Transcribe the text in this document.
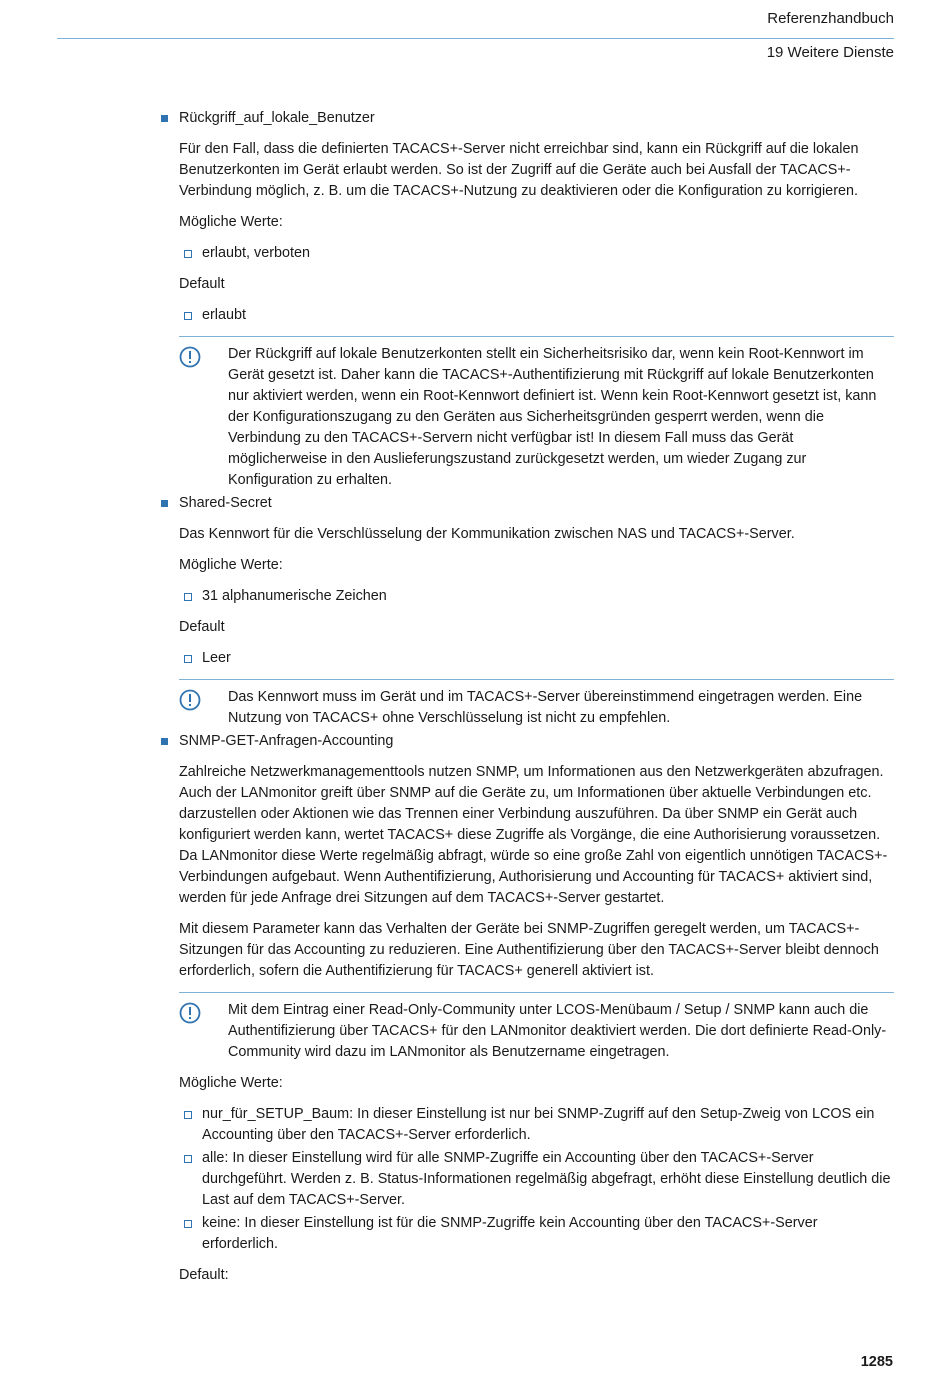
Referenzhandbuch
19 Weitere Dienste
Rückgriff_auf_lokale_Benutzer
Für den Fall, dass die definierten TACACS+-Server nicht erreichbar sind, kann ein Rückgriff auf die lokalen Benutzerkonten im Gerät erlaubt werden. So ist der Zugriff auf die Geräte auch bei Ausfall der TACACS+-Verbindung möglich, z. B. um die TACACS+-Nutzung zu deaktivieren oder die Konfiguration zu korrigieren.
Mögliche Werte:
erlaubt, verboten
Default
erlaubt
Der Rückgriff auf lokale Benutzerkonten stellt ein Sicherheitsrisiko dar, wenn kein Root-Kennwort im Gerät gesetzt ist. Daher kann die TACACS+-Authentifizierung mit Rückgriff auf lokale Benutzerkonten nur aktiviert werden, wenn ein Root-Kennwort definiert ist. Wenn kein Root-Kennwort gesetzt ist, kann der Konfigurationszugang zu den Geräten aus Sicherheitsgründen gesperrt werden, wenn die Verbindung zu den TACACS+-Servern nicht verfügbar ist! In diesem Fall muss das Gerät möglicherweise in den Auslieferungszustand zurückgesetzt werden, um wieder Zugang zur Konfiguration zu erhalten.
Shared-Secret
Das Kennwort für die Verschlüsselung der Kommunikation zwischen NAS und TACACS+-Server.
Mögliche Werte:
31 alphanumerische Zeichen
Default
Leer
Das Kennwort muss im Gerät und im TACACS+-Server übereinstimmend eingetragen werden. Eine Nutzung von TACACS+ ohne Verschlüsselung ist nicht zu empfehlen.
SNMP-GET-Anfragen-Accounting
Zahlreiche Netzwerkmanagementtools nutzen SNMP, um Informationen aus den Netzwerkgeräten abzufragen. Auch der LANmonitor greift über SNMP auf die Geräte zu, um Informationen über aktuelle Verbindungen etc. darzustellen oder Aktionen wie das Trennen einer Verbindung auszuführen. Da über SNMP ein Gerät auch konfiguriert werden kann, wertet TACACS+ diese Zugriffe als Vorgänge, die eine Authorisierung voraussetzen. Da LANmonitor diese Werte regelmäßig abfragt, würde so eine große Zahl von eigentlich unnötigen TACACS+-Verbindungen aufgebaut. Wenn Authentifizierung, Authorisierung und Accounting für TACACS+ aktiviert sind, werden für jede Anfrage drei Sitzungen auf dem TACACS+-Server gestartet.
Mit diesem Parameter kann das Verhalten der Geräte bei SNMP-Zugriffen geregelt werden, um TACACS+-Sitzungen für das Accounting zu reduzieren. Eine Authentifizierung über den TACACS+-Server bleibt dennoch erforderlich, sofern die Authentifizierung für TACACS+ generell aktiviert ist.
Mit dem Eintrag einer Read-Only-Community unter LCOS-Menübaum / Setup / SNMP kann auch die Authentifizierung über TACACS+ für den LANmonitor deaktiviert werden. Die dort definierte Read-Only-Community wird dazu im LANmonitor als Benutzername eingetragen.
Mögliche Werte:
nur_für_SETUP_Baum: In dieser Einstellung ist nur bei SNMP-Zugriff auf den Setup-Zweig von LCOS ein Accounting über den TACACS+-Server erforderlich.
alle: In dieser Einstellung wird für alle SNMP-Zugriffe ein Accounting über den TACACS+-Server durchgeführt. Werden z. B. Status-Informationen regelmäßig abgefragt, erhöht diese Einstellung deutlich die Last auf dem TACACS+-Server.
keine: In dieser Einstellung ist für die SNMP-Zugriffe kein Accounting über den TACACS+-Server erforderlich.
Default:
1285
